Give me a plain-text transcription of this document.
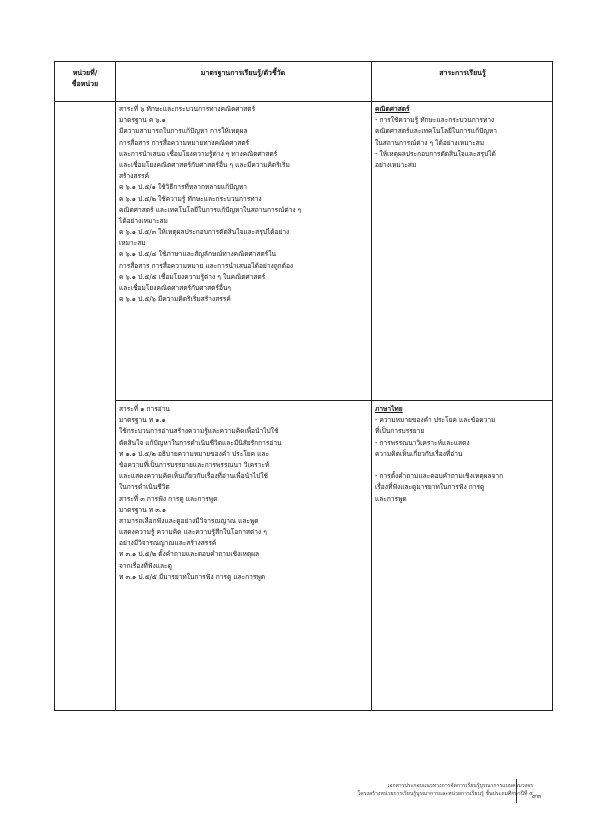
หน่วยที่/
ชื่อหน่วย
มาตรฐานการเรียนรู้/ตัวชี้วัด	สาระการเรียนรู้
สาระที่ ๖ ทักษะและกระบวนการทางคณิตศาสตร์
มาตรฐาน ค ๖.๑
มีความสามารถในการแก้ปัญหา การให้เหตุผล
การสื่อสาร การสื่อความหมายทางคณิตศาสตร์
และการนำเสนอ เชื่อมโยงความรู้ต่าง ๆ ทางคณิตศาสตร์
และเชื่อมโยงคณิตศาสตร์กับศาสตร์อื่น ๆ และมีความคิดริเริ่ม
สร้างสรรค์
ค ๖.๑ ป.๕/๑ ใช้วิธีการที่หลากหลายแก้ปัญหา
ค ๖.๑ ป.๕/๒ ใช้ความรู้ ทักษะและกระบวนการทาง
คณิตศาสตร์ และเทคโนโลยีในการแก้ปัญหาในสถานการณ์ต่าง ๆ
ได้อย่างเหมาะสม
ค ๖.๑ ป.๕/๓ ให้เหตุผลประกอบการตัดสินใจและสรุปได้อย่าง
เหมาะสม
ค ๖.๑ ป.๕/๔ ใช้ภาษาและสัญลักษณ์ทางคณิตศาสตร์ใน
การสื่อสาร การสื่อความหมาย และการนำเสนอได้อย่างถูกต้อง
ค ๖.๑ ป.๕/๕ เชื่อมโยงความรู้ต่าง ๆ ในคณิตศาสตร์
และเชื่อมโยงคณิตศาสตร์กับศาสตร์อื่นๆ
ค ๖.๑ ป.๕/๖ มีความคิดริเริ่มสร้างสรรค์
คณิตศาสตร์
- การใช้ความรู้ ทักษะและกระบวนการทาง
คณิตศาสตร์และเทคโนโลยีในการแก้ปัญหา
ในสถานการณ์ต่าง ๆ ได้อย่างเหมาะสม
- ให้เหตุผลประกอบการตัดสินใจและสรุปได้
อย่างเหมาะสม
สาระที่ ๑ การอ่าน
มาตรฐาน ท ๑.๑
ใช้กระบวนการอ่านสร้างความรู้และความคิดเพื่อนำไปใช้
ตัดสินใจ แก้ปัญหาในการดำเนินชีวิตและมีนิสัยรักการอ่าน
ท ๑.๑ ป.๕/๒ อธิบายความหมายของคำ ประโยค และ
ข้อความที่เป็นการบรรยายและการพรรณนา วิเคราะห์
และแสดงความคิดเห็นเกี่ยวกับเรื่องที่อ่านเพื่อนำไปใช้
ในการดำเนินชีวิต
สาระที่ ๓ การฟัง การดู และการพูด
มาตรฐาน ท ๓.๑
สามารถเลือกฟังและดูอย่างมีวิจารณญาณ และพูด
แสดงความรู้ ความคิด และความรู้สึกในโอกาสต่าง ๆ
อย่างมีวิจารณญาณและสร้างสรรค์
ท ๓.๑ ป.๕/๒ ตั้งคำถามและตอบคำถามเชิงเหตุผล
จากเรื่องที่ฟังและดู
ท ๓.๑ ป.๕/๕ มีมารยาทในการฟัง การดู และการพูด
ภาษาไทย
- ความหมายของคำ ประโยค และข้อความ
ที่เป็นการบรรยาย
- การพรรณนาวิเคราะห์และแสดง
ความคิดเห็นเกี่ยวกับเรื่องที่อ่าน
- การตั้งคำถามและตอบคำถามเชิงเหตุผลจาก
เรื่องที่ฟังและดูมารยาทในการฟัง การดู
และการพูด
เอกสารประกอบแนวทางการจัดการเรียนรู้บูรณาการแบบครบวงจร
โครงสร้างหน่วยการเรียนรู้บูรณาการและหน่วยการเรียนรู้ ชั้นประถมศึกษาปีที่ ๕ ๙๓
